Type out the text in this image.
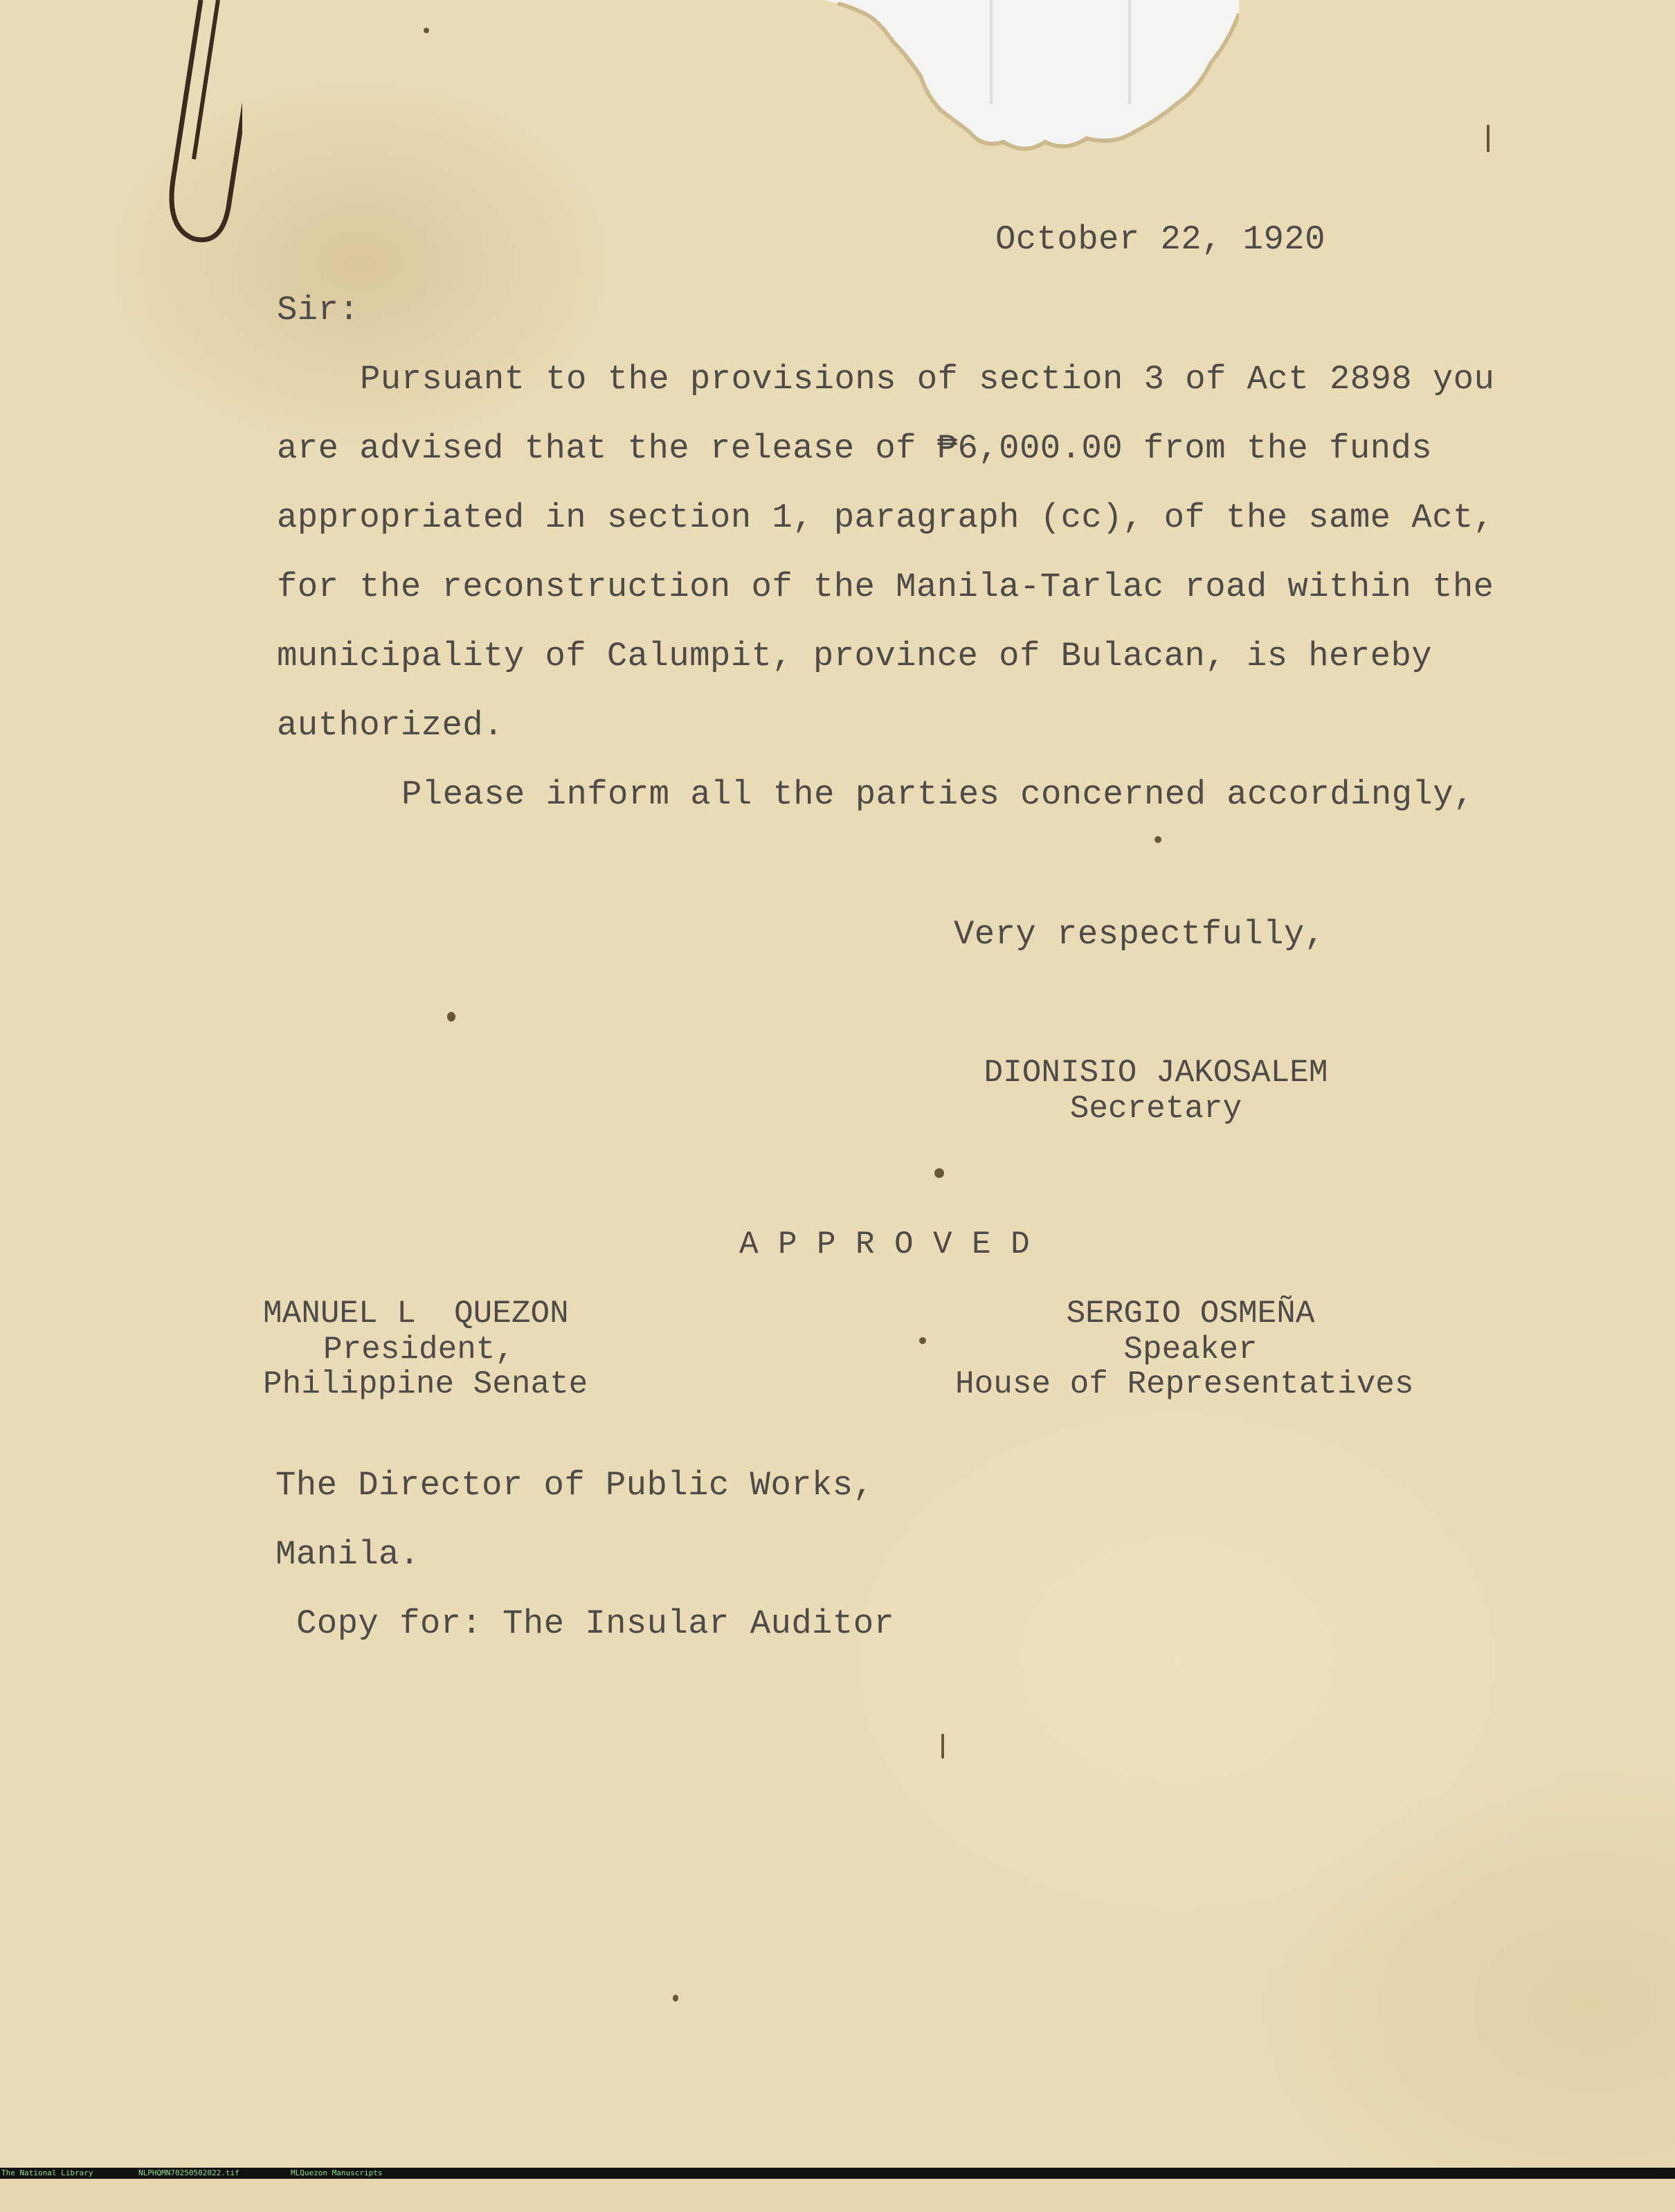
October 22, 1920
Sir:
Pursuant to the provisions of section 3 of Act 2898 you
are advised that the release of ₱6,000.00 from the funds
appropriated in section 1, paragraph (cc), of the same Act,
for the reconstruction of the Manila-Tarlac road within the
municipality of Calumpit, province of Bulacan, is hereby
authorized.
Please inform all the parties concerned accordingly,
Very respectfully,
DIONISIO JAKOSALEM
Secretary
A P P R O V E D
MANUEL L  QUEZON
President,
Philippine Senate
SERGIO OSMEÑA
Speaker
House of Representatives
The Director of Public Works,
Manila.
Copy for: The Insular Auditor

The National Library

	NLPHQMN70250502022.tif

	MLQuezon Manuscripts
